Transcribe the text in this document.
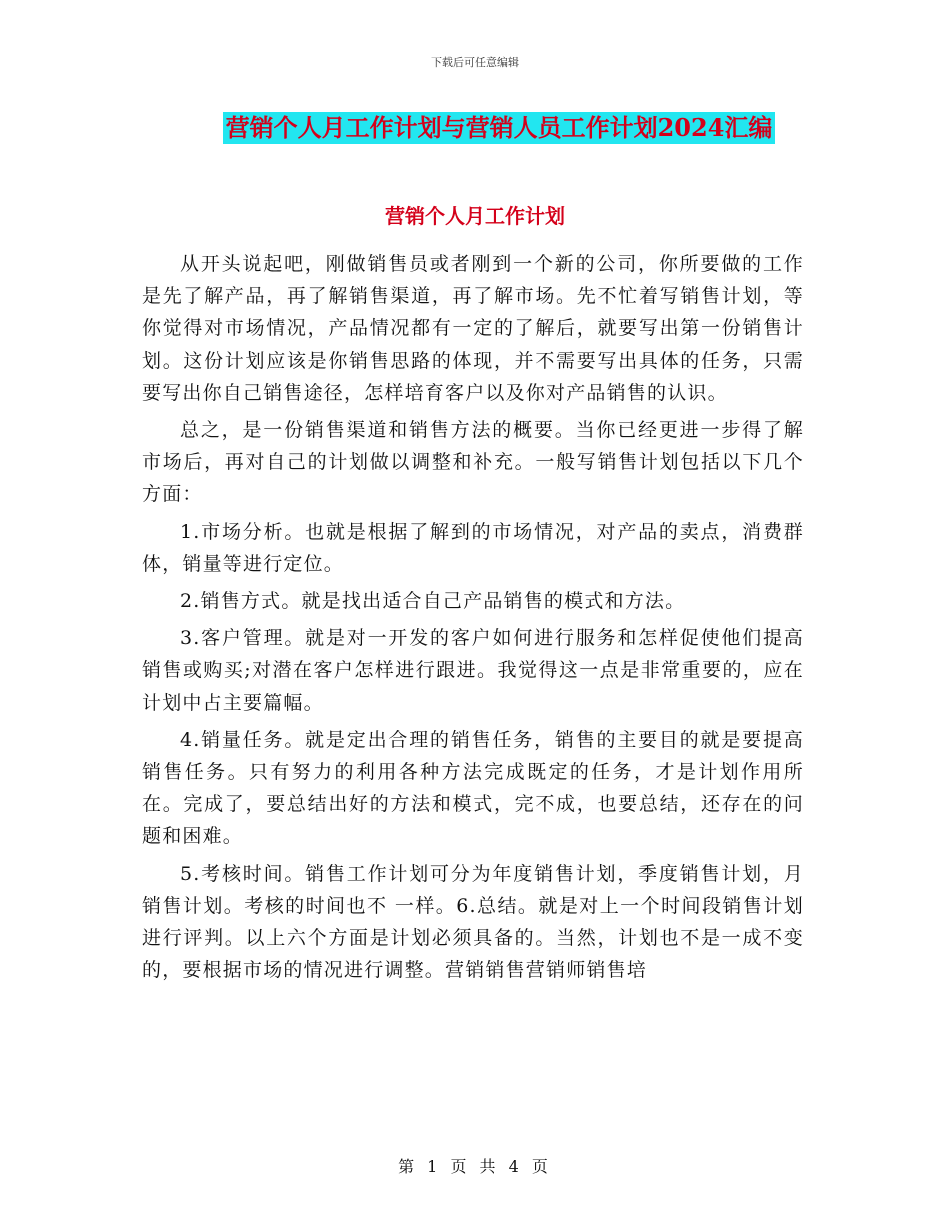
下载后可任意编辑
营销个人月工作计划与营销人员工作计划2024汇编
营销个人月工作计划

从开头说起吧，刚做销售员或者刚到一个新的公司，你所要做的工作是先了解产品，再了解销售渠道，再了解市场。先不忙着写销售计划，等你觉得对市场情况，产品情况都有一定的了解后，就要写出第一份销售计划。这份计划应该是你销售思路的体现，并不需要写出具体的任务，只需要写出你自己销售途径，怎样培育客户以及你对产品销售的认识。

总之，是一份销售渠道和销售方法的概要。当你已经更进一步得了解市场后，再对自己的计划做以调整和补充。一般写销售计划包括以下几个方面：

1.市场分析。也就是根据了解到的市场情况，对产品的卖点，消费群体，销量等进行定位。

2.销售方式。就是找出适合自己产品销售的模式和方法。

3.客户管理。就是对一开发的客户如何进行服务和怎样促使他们提高销售或购买;对潜在客户怎样进行跟进。我觉得这一点是非常重要的，应在计划中占主要篇幅。

4.销量任务。就是定出合理的销售任务，销售的主要目的就是要提高销售任务。只有努力的利用各种方法完成既定的任务，才是计划作用所在。完成了，要总结出好的方法和模式，完不成，也要总结，还存在的问题和困难。

5.考核时间。销售工作计划可分为年度销售计划，季度销售计划，月销售计划。考核的时间也不 一样。6.总结。就是对上一个时间段销售计划进行评判。以上六个方面是计划必须具备的。当然，计划也不是一成不变的，要根据市场的情况进行调整。营销销售营销师销售培

第 1 页 共 4 页
